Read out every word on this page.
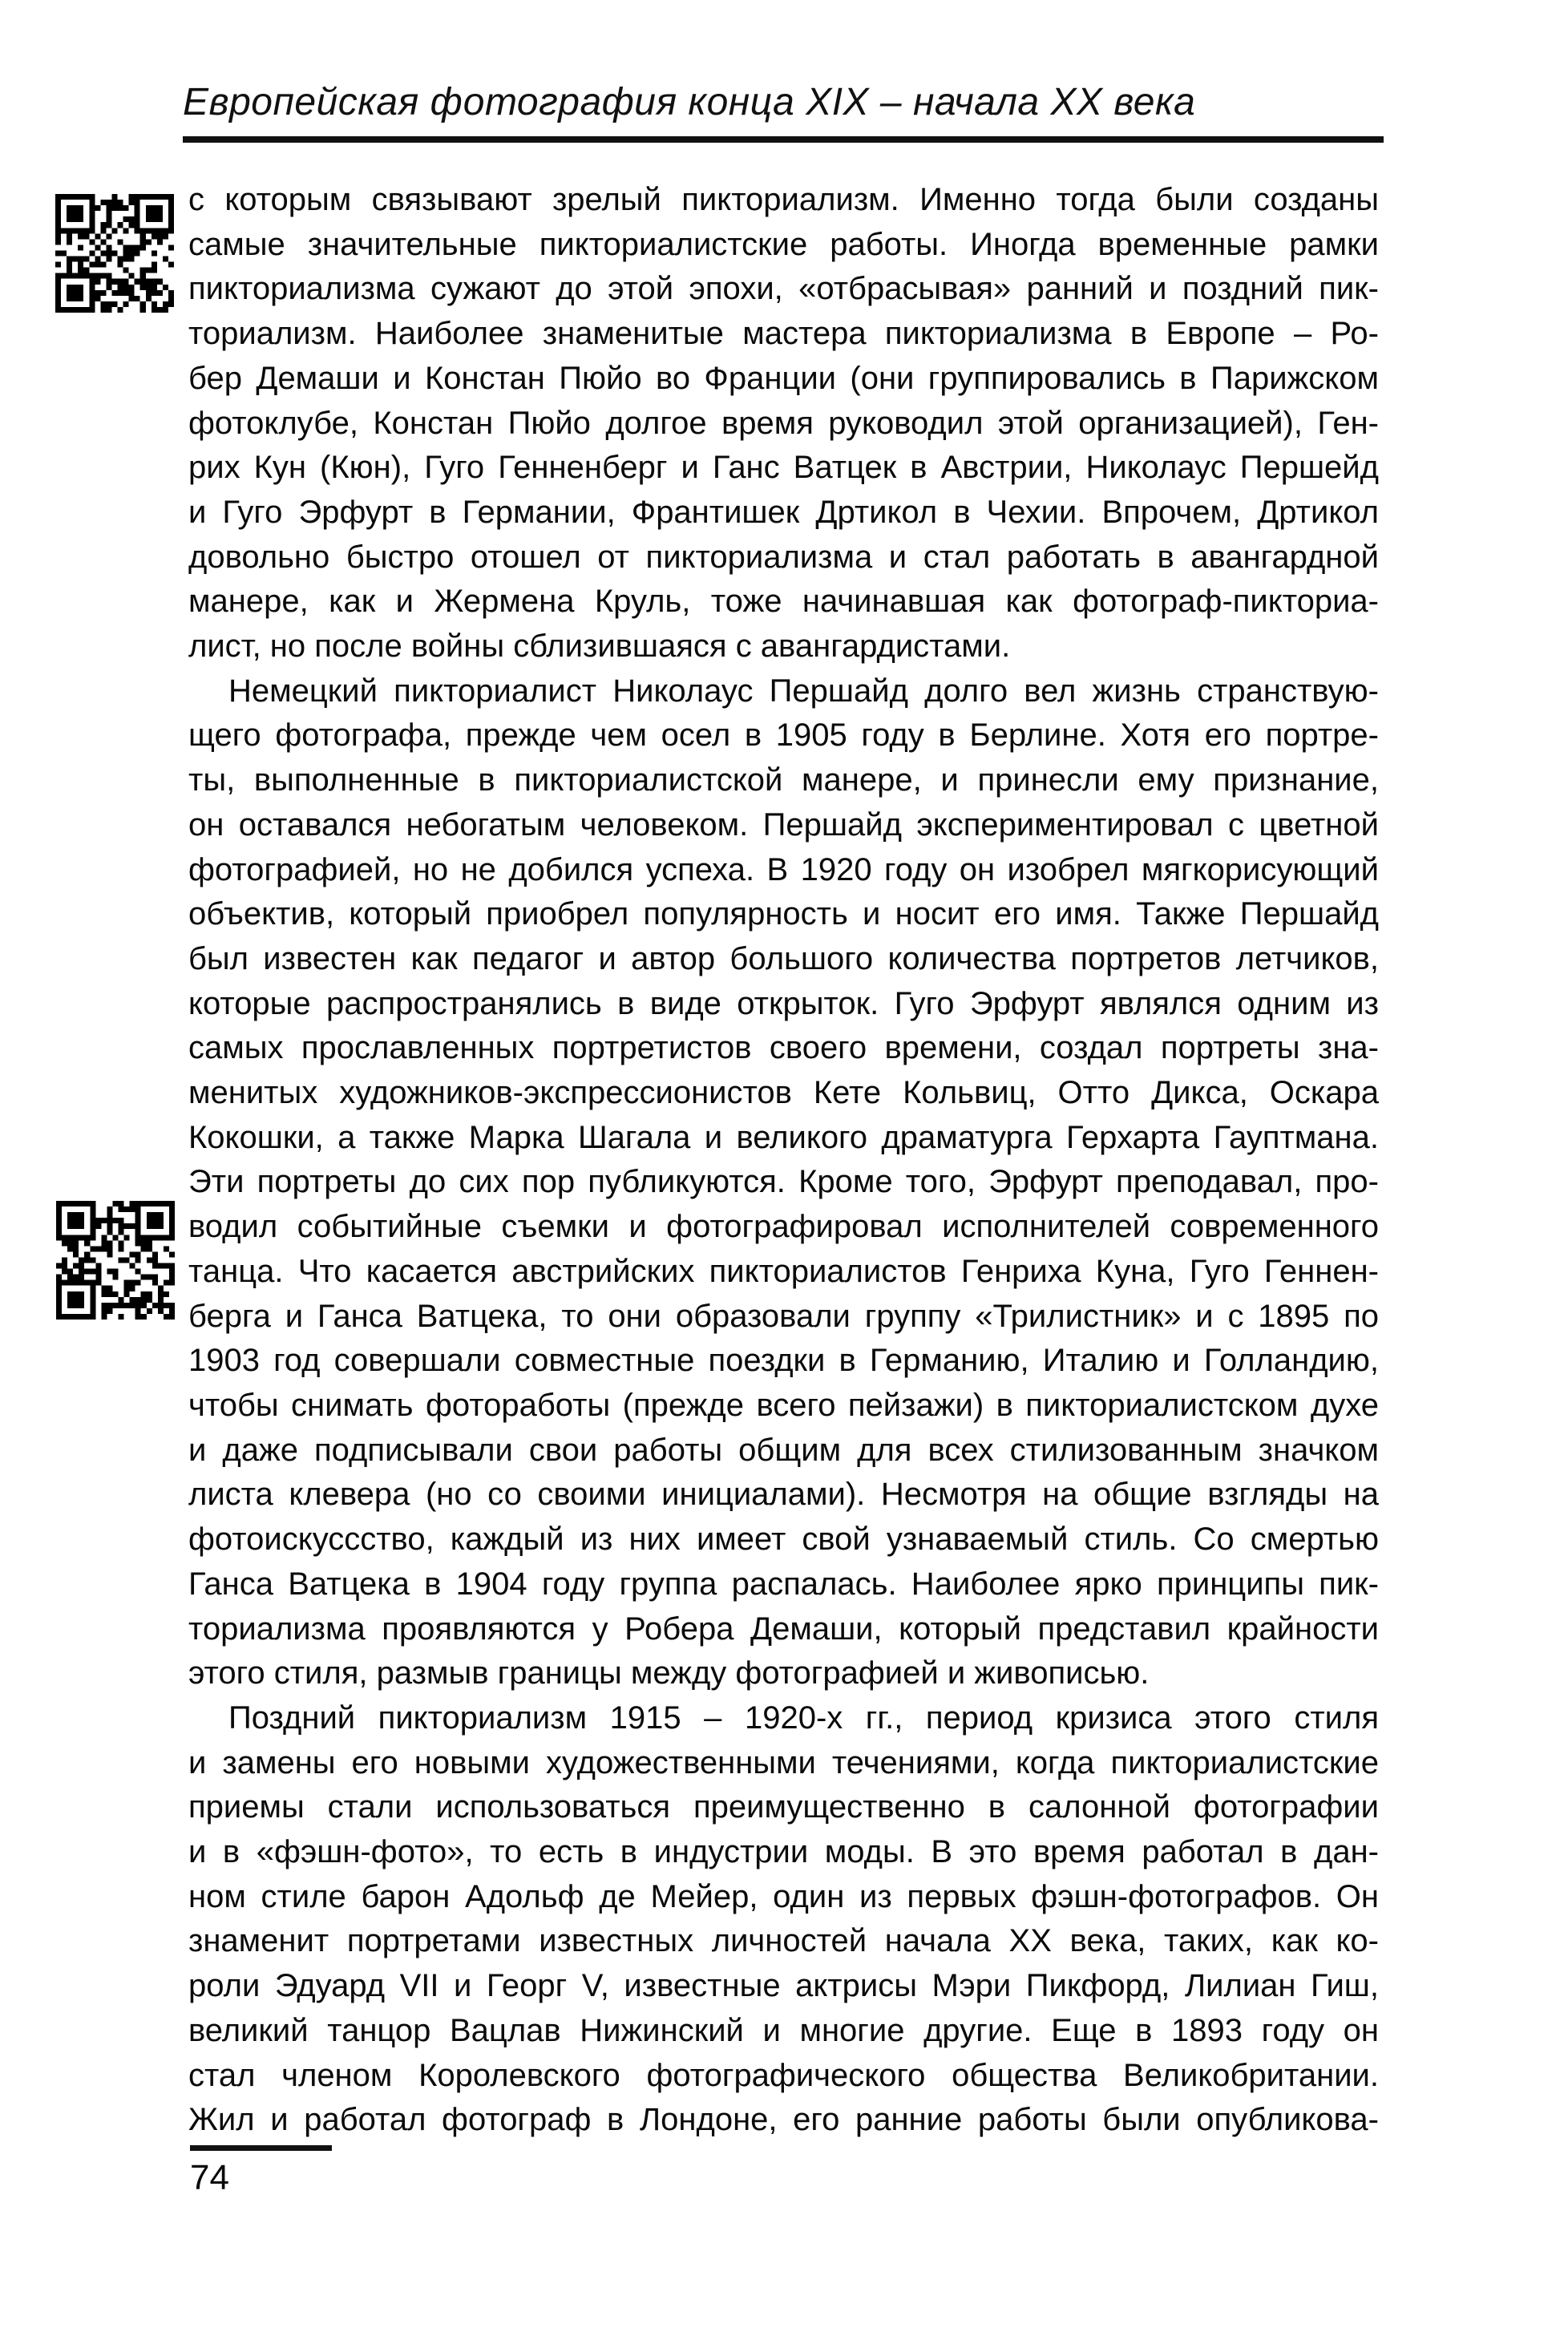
Европейская фотография конца XIX – начала XX века
с которым связывают зрелый пикториализм. Именно тогда были созданы
самые значительные пикториалистские работы. Иногда временные рамки
пикториализма сужают до этой эпохи, «отбрасывая» ранний и поздний пик-
ториализм. Наиболее знаменитые мастера пикториализма в Европе – Ро-
бер Демаши и Констан Пюйо во Франции (они группировались в Парижском
фотоклубе, Констан Пюйо долгое время руководил этой организацией), Ген-
рих Кун (Кюн), Гуго Генненберг и Ганс Ватцек в Австрии, Николаус Першейд
и Гуго Эрфурт в Германии, Франтишек Дртикол в Чехии. Впрочем, Дртикол
довольно быстро отошел от пикториализма и стал работать в авангардной
манере, как и Жермена Круль, тоже начинавшая как фотограф-пикториа-
лист, но после войны сблизившаяся с авангардистами.
Немецкий пикториалист Николаус Першайд долго вел жизнь странствую-
щего фотографа, прежде чем осел в 1905 году в Берлине. Хотя его портре-
ты, выполненные в пикториалистской манере, и принесли ему признание,
он оставался небогатым человеком. Першайд экспериментировал с цветной
фотографией, но не добился успеха. В 1920 году он изобрел мягкорисующий
объектив, который приобрел популярность и носит его имя. Также Першайд
был известен как педагог и автор большого количества портретов летчиков,
которые распространялись в виде открыток. Гуго Эрфурт являлся одним из
самых прославленных портретистов своего времени, создал портреты зна-
менитых художников-экспрессионистов Кете Кольвиц, Отто Дикса, Оскара
Кокошки, а также Марка Шагала и великого драматурга Герхарта Гауптмана.
Эти портреты до сих пор публикуются. Кроме того, Эрфурт преподавал, про-
водил событийные съемки и фотографировал исполнителей современного
танца. Что касается австрийских пикториалистов Генриха Куна, Гуго Геннен-
берга и Ганса Ватцека, то они образовали группу «Трилистник» и с 1895 по
1903 год совершали совместные поездки в Германию, Италию и Голландию,
чтобы снимать фотоработы (прежде всего пейзажи) в пикториалистском духе
и даже подписывали свои работы общим для всех стилизованным значком
листа клевера (но со своими инициалами). Несмотря на общие взгляды на
фотоискуссство, каждый из них имеет свой узнаваемый стиль. Со смертью
Ганса Ватцека в 1904 году группа распалась. Наиболее ярко принципы пик-
ториализма проявляются у Робера Демаши, который представил крайности
этого стиля, размыв границы между фотографией и живописью.
Поздний пикториализм 1915 – 1920-х гг., период кризиса этого стиля
и замены его новыми художественными течениями, когда пикториалистские
приемы стали использоваться преимущественно в салонной фотографии
и в «фэшн-фото», то есть в индустрии моды. В это время работал в дан-
ном стиле барон Адольф де Мейер, один из первых фэшн-фотографов. Он
знаменит портретами известных личностей начала XX века, таких, как ко-
роли Эдуард VII и Георг V, известные актрисы Мэри Пикфорд, Лилиан Гиш,
великий танцор Вацлав Нижинский и многие другие. Еще в 1893 году он
стал членом Королевского фотографического общества Великобритании.
Жил и работал фотограф в Лондоне, его ранние работы были опубликова-
74
